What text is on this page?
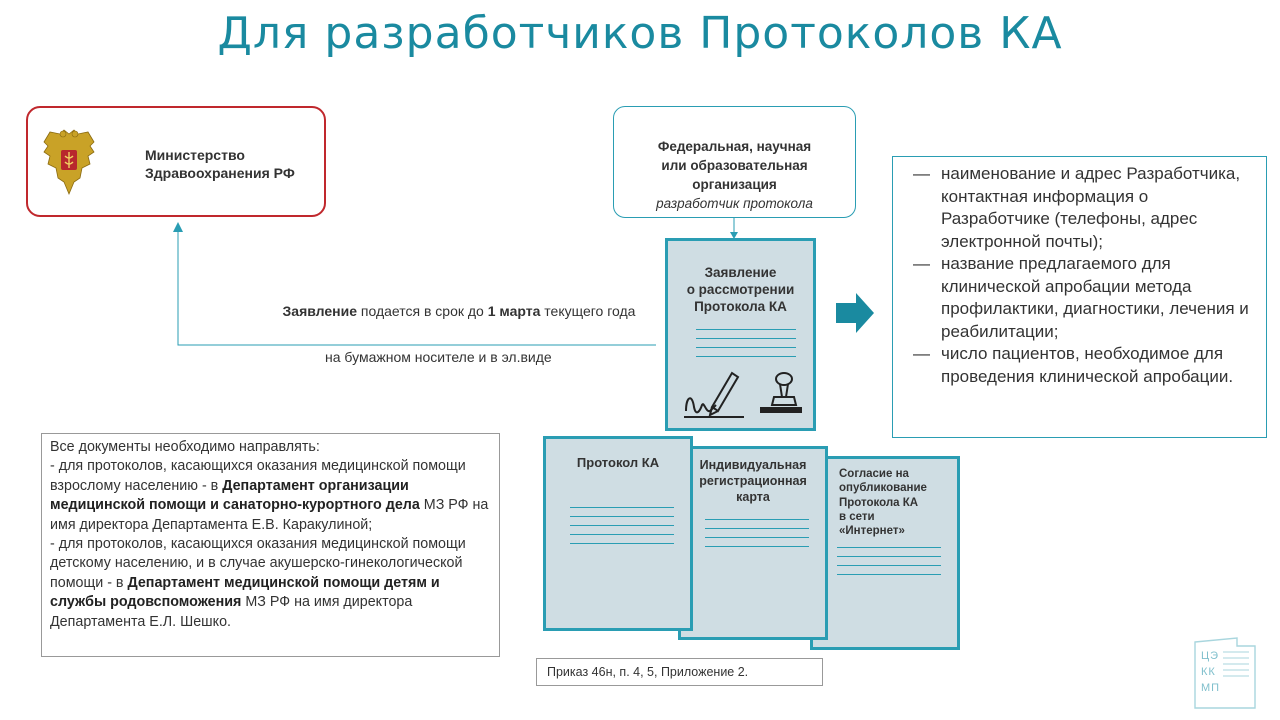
Для разработчиков Протоколов КА
Министерство
Здравоохранения РФ
Федеральная, научная
или образовательная
организация
разработчик протокола
Заявление подается в срок до 1 марта текущего года
на бумажном носителе и в эл.виде
Заявление
о рассмотрении
Протокола КА
— наименование и адрес Разработчика, контактная информация о Разработчике (телефоны, адрес электронной почты);
— название предлагаемого для клинической апробации метода профилактики, диагностики, лечения и реабилитации;
— число пациентов, необходимое для проведения клинической апробации.
Согласие на
опубликование
Протокола КА
в сети
«Интернет»
Индивидуальная
регистрационная
карта
Протокол КА
Все документы необходимо направлять:
- для протоколов, касающихся оказания медицинской помощи взрослому населению - в Департамент организации медицинской помощи и санаторно-курортного дела МЗ РФ на имя директора Департамента Е.В. Каракулиной;
- для протоколов, касающихся оказания медицинской помощи детскому населению, и в случае акушерско-гинекологической помощи - в Департамент медицинской помощи детям и службы родовспоможения МЗ РФ на имя директора Департамента Е.Л. Шешко.
Приказ 46н, п. 4, 5, Приложение 2.
ЦЭ
КК
МП
